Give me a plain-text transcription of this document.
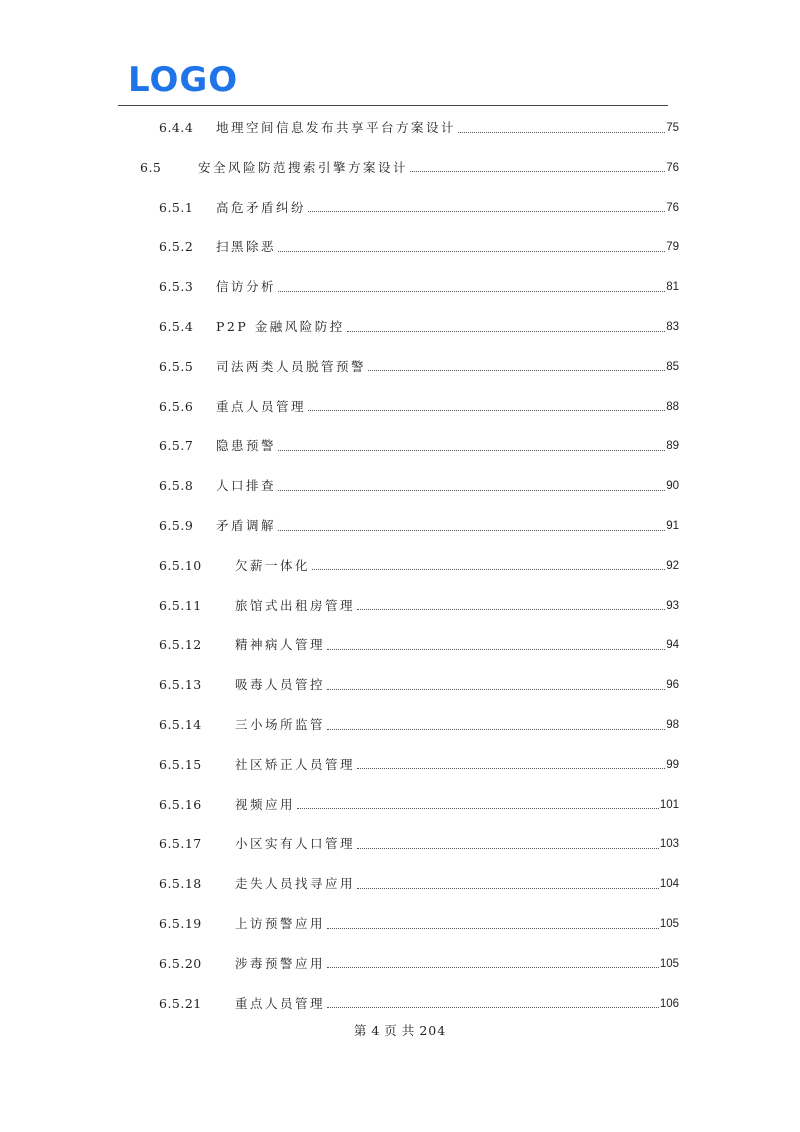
LOGO
6.4.4 地理空间信息发布共享平台方案设计	75
6.5	安全风险防范搜索引擎方案设计	76
6.5.1 高危矛盾纠纷	76
6.5.2 扫黑除恶	79
6.5.3 信访分析	81
6.5.4 P2P 金融风险防控	83
6.5.5 司法两类人员脱管预警	85
6.5.6 重点人员管理	88
6.5.7 隐患预警	89
6.5.8 人口排查	90
6.5.9 矛盾调解	91
6.5.10	欠薪一体化	92
6.5.11	旅馆式出租房管理	93
6.5.12	精神病人管理	94
6.5.13	吸毒人员管控	96
6.5.14	三小场所监管	98
6.5.15	社区矫正人员管理	99
6.5.16	视频应用	101
6.5.17	小区实有人口管理	103
6.5.18	走失人员找寻应用	104
6.5.19	上访预警应用	105
6.5.20	涉毒预警应用	105
6.5.21	重点人员管理	106
第 4 页 共 204
